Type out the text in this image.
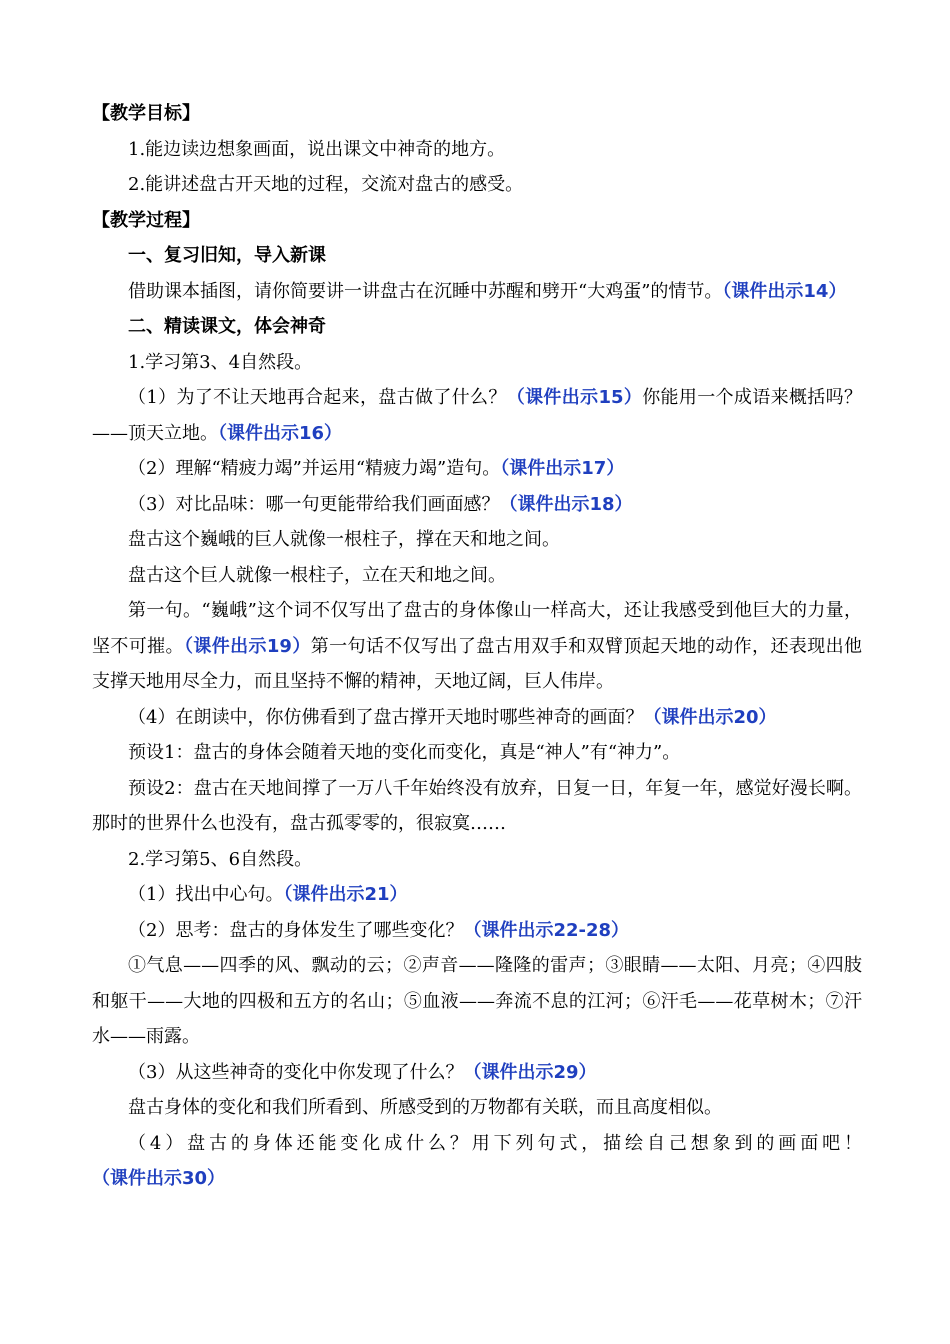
【教学目标】

1.能边读边想象画面，说出课文中神奇的地方。

2.能讲述盘古开天地的过程，交流对盘古的感受。

【教学过程】

一、复习旧知，导入新课

借助课本插图，请你简要讲一讲盘古在沉睡中苏醒和劈开“大鸡蛋”的情节。（课件出示14）

二、精读课文，体会神奇

1.学习第3、4自然段。

（1）为了不让天地再合起来，盘古做了什么？（课件出示15）你能用一个成语来概括吗？——顶天立地。（课件出示16）

（2）理解“精疲力竭”并运用“精疲力竭”造句。（课件出示17）

（3）对比品味：哪一句更能带给我们画面感？（课件出示18）

盘古这个巍峨的巨人就像一根柱子，撑在天和地之间。

盘古这个巨人就像一根柱子，立在天和地之间。

第一句。“巍峨”这个词不仅写出了盘古的身体像山一样高大，还让我感受到他巨大的力量，坚不可摧。（课件出示19）第一句话不仅写出了盘古用双手和双臂顶起天地的动作，还表现出他支撑天地用尽全力，而且坚持不懈的精神，天地辽阔，巨人伟岸。

（4）在朗读中，你仿佛看到了盘古撑开天地时哪些神奇的画面？（课件出示20）

预设1：盘古的身体会随着天地的变化而变化，真是“神人”有“神力”。

预设2：盘古在天地间撑了一万八千年始终没有放弃，日复一日，年复一年，感觉好漫长啊。那时的世界什么也没有，盘古孤零零的，很寂寞……

2.学习第5、6自然段。

（1）找出中心句。（课件出示21）

（2）思考：盘古的身体发生了哪些变化？（课件出示22-28）

①气息——四季的风、飘动的云；②声音——隆隆的雷声；③眼睛——太阳、月亮；④四肢和躯干——大地的四极和五方的名山；⑤血液——奔流不息的江河；⑥汗毛——花草树木；⑦汗水——雨露。

（3）从这些神奇的变化中你发现了什么？（课件出示29）

盘古身体的变化和我们所看到、所感受到的万物都有关联，而且高度相似。

（4）盘古的身体还能变化成什么？用下列句式，描绘自己想象到的画面吧！（课件出示30）
